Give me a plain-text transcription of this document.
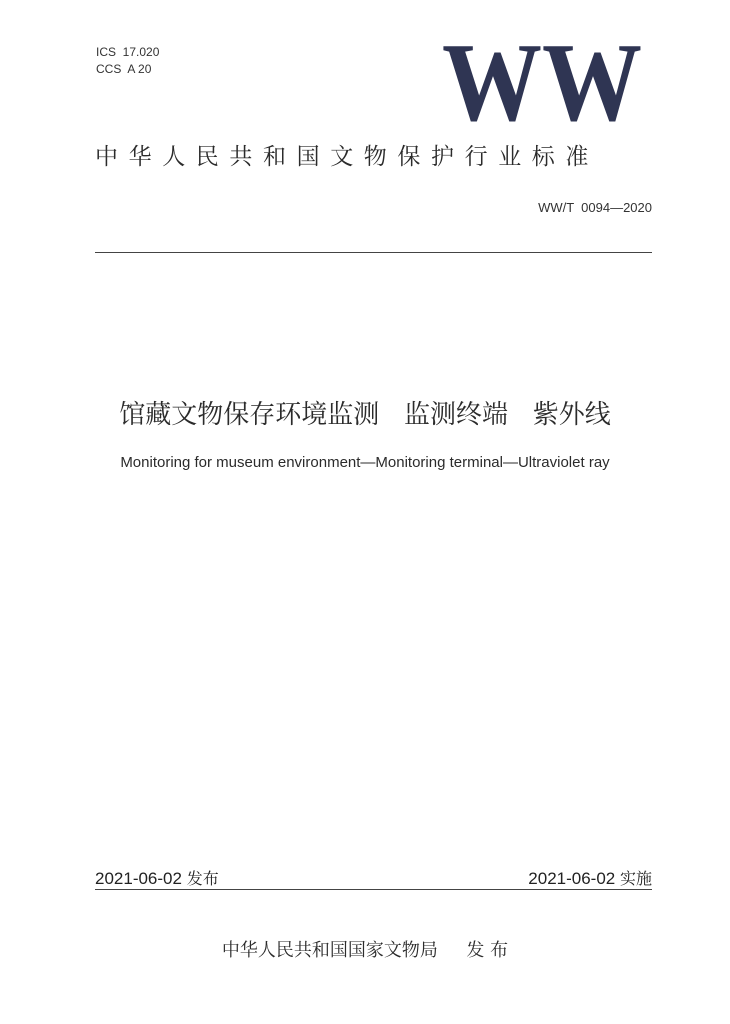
ICS  17.020
CCS  A 20	WW
中华人民共和国文物保护行业标准
WW/T  0094—2020
馆藏文物保存环境监测   监测终端   紫外线
Monitoring for museum environment—Monitoring terminal—Ultraviolet ray
2021-06-02 发布	2021-06-02 实施
中华人民共和国国家文物局     发 布
